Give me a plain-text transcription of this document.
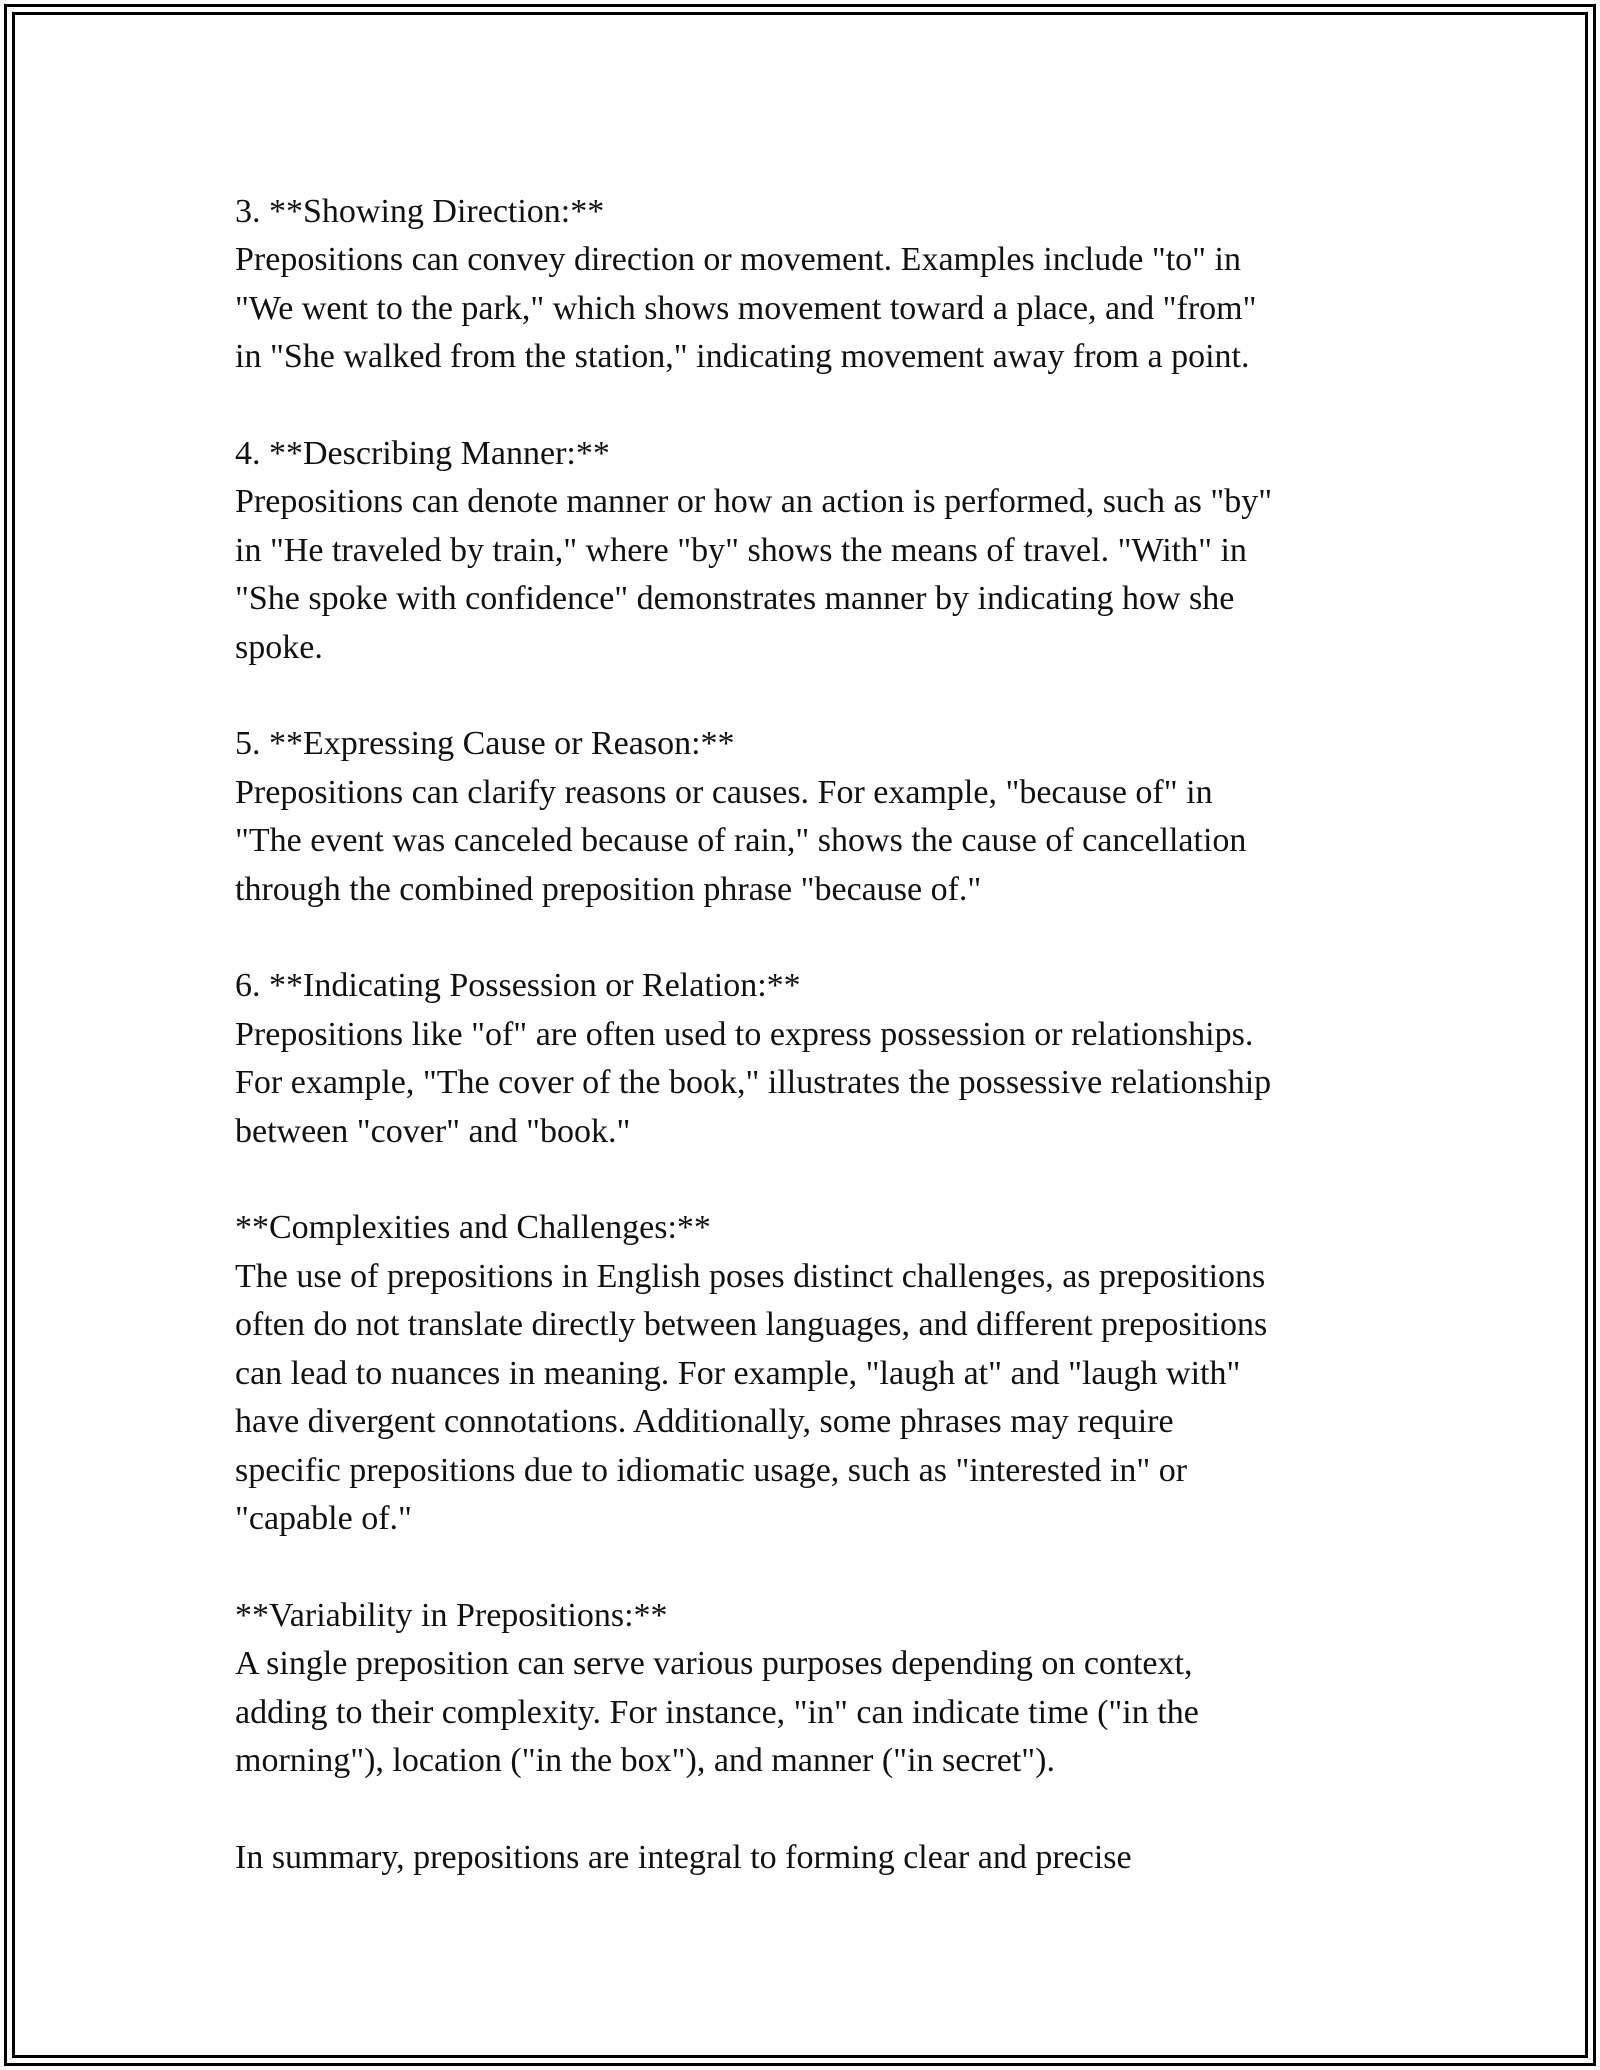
3. **Showing Direction:**
Prepositions can convey direction or movement. Examples include "to" in
"We went to the park," which shows movement toward a place, and "from"
in "She walked from the station," indicating movement away from a point.

4. **Describing Manner:**
Prepositions can denote manner or how an action is performed, such as "by"
in "He traveled by train," where "by" shows the means of travel. "With" in
"She spoke with confidence" demonstrates manner by indicating how she
spoke.

5. **Expressing Cause or Reason:**
Prepositions can clarify reasons or causes. For example, "because of" in
"The event was canceled because of rain," shows the cause of cancellation
through the combined preposition phrase "because of."

6. **Indicating Possession or Relation:**
Prepositions like "of" are often used to express possession or relationships.
For example, "The cover of the book," illustrates the possessive relationship
between "cover" and "book."

**Complexities and Challenges:**
The use of prepositions in English poses distinct challenges, as prepositions
often do not translate directly between languages, and different prepositions
can lead to nuances in meaning. For example, "laugh at" and "laugh with"
have divergent connotations. Additionally, some phrases may require
specific prepositions due to idiomatic usage, such as "interested in" or
"capable of."

**Variability in Prepositions:**
A single preposition can serve various purposes depending on context,
adding to their complexity. For instance, "in" can indicate time ("in the
morning"), location ("in the box"), and manner ("in secret").

In summary, prepositions are integral to forming clear and precise
